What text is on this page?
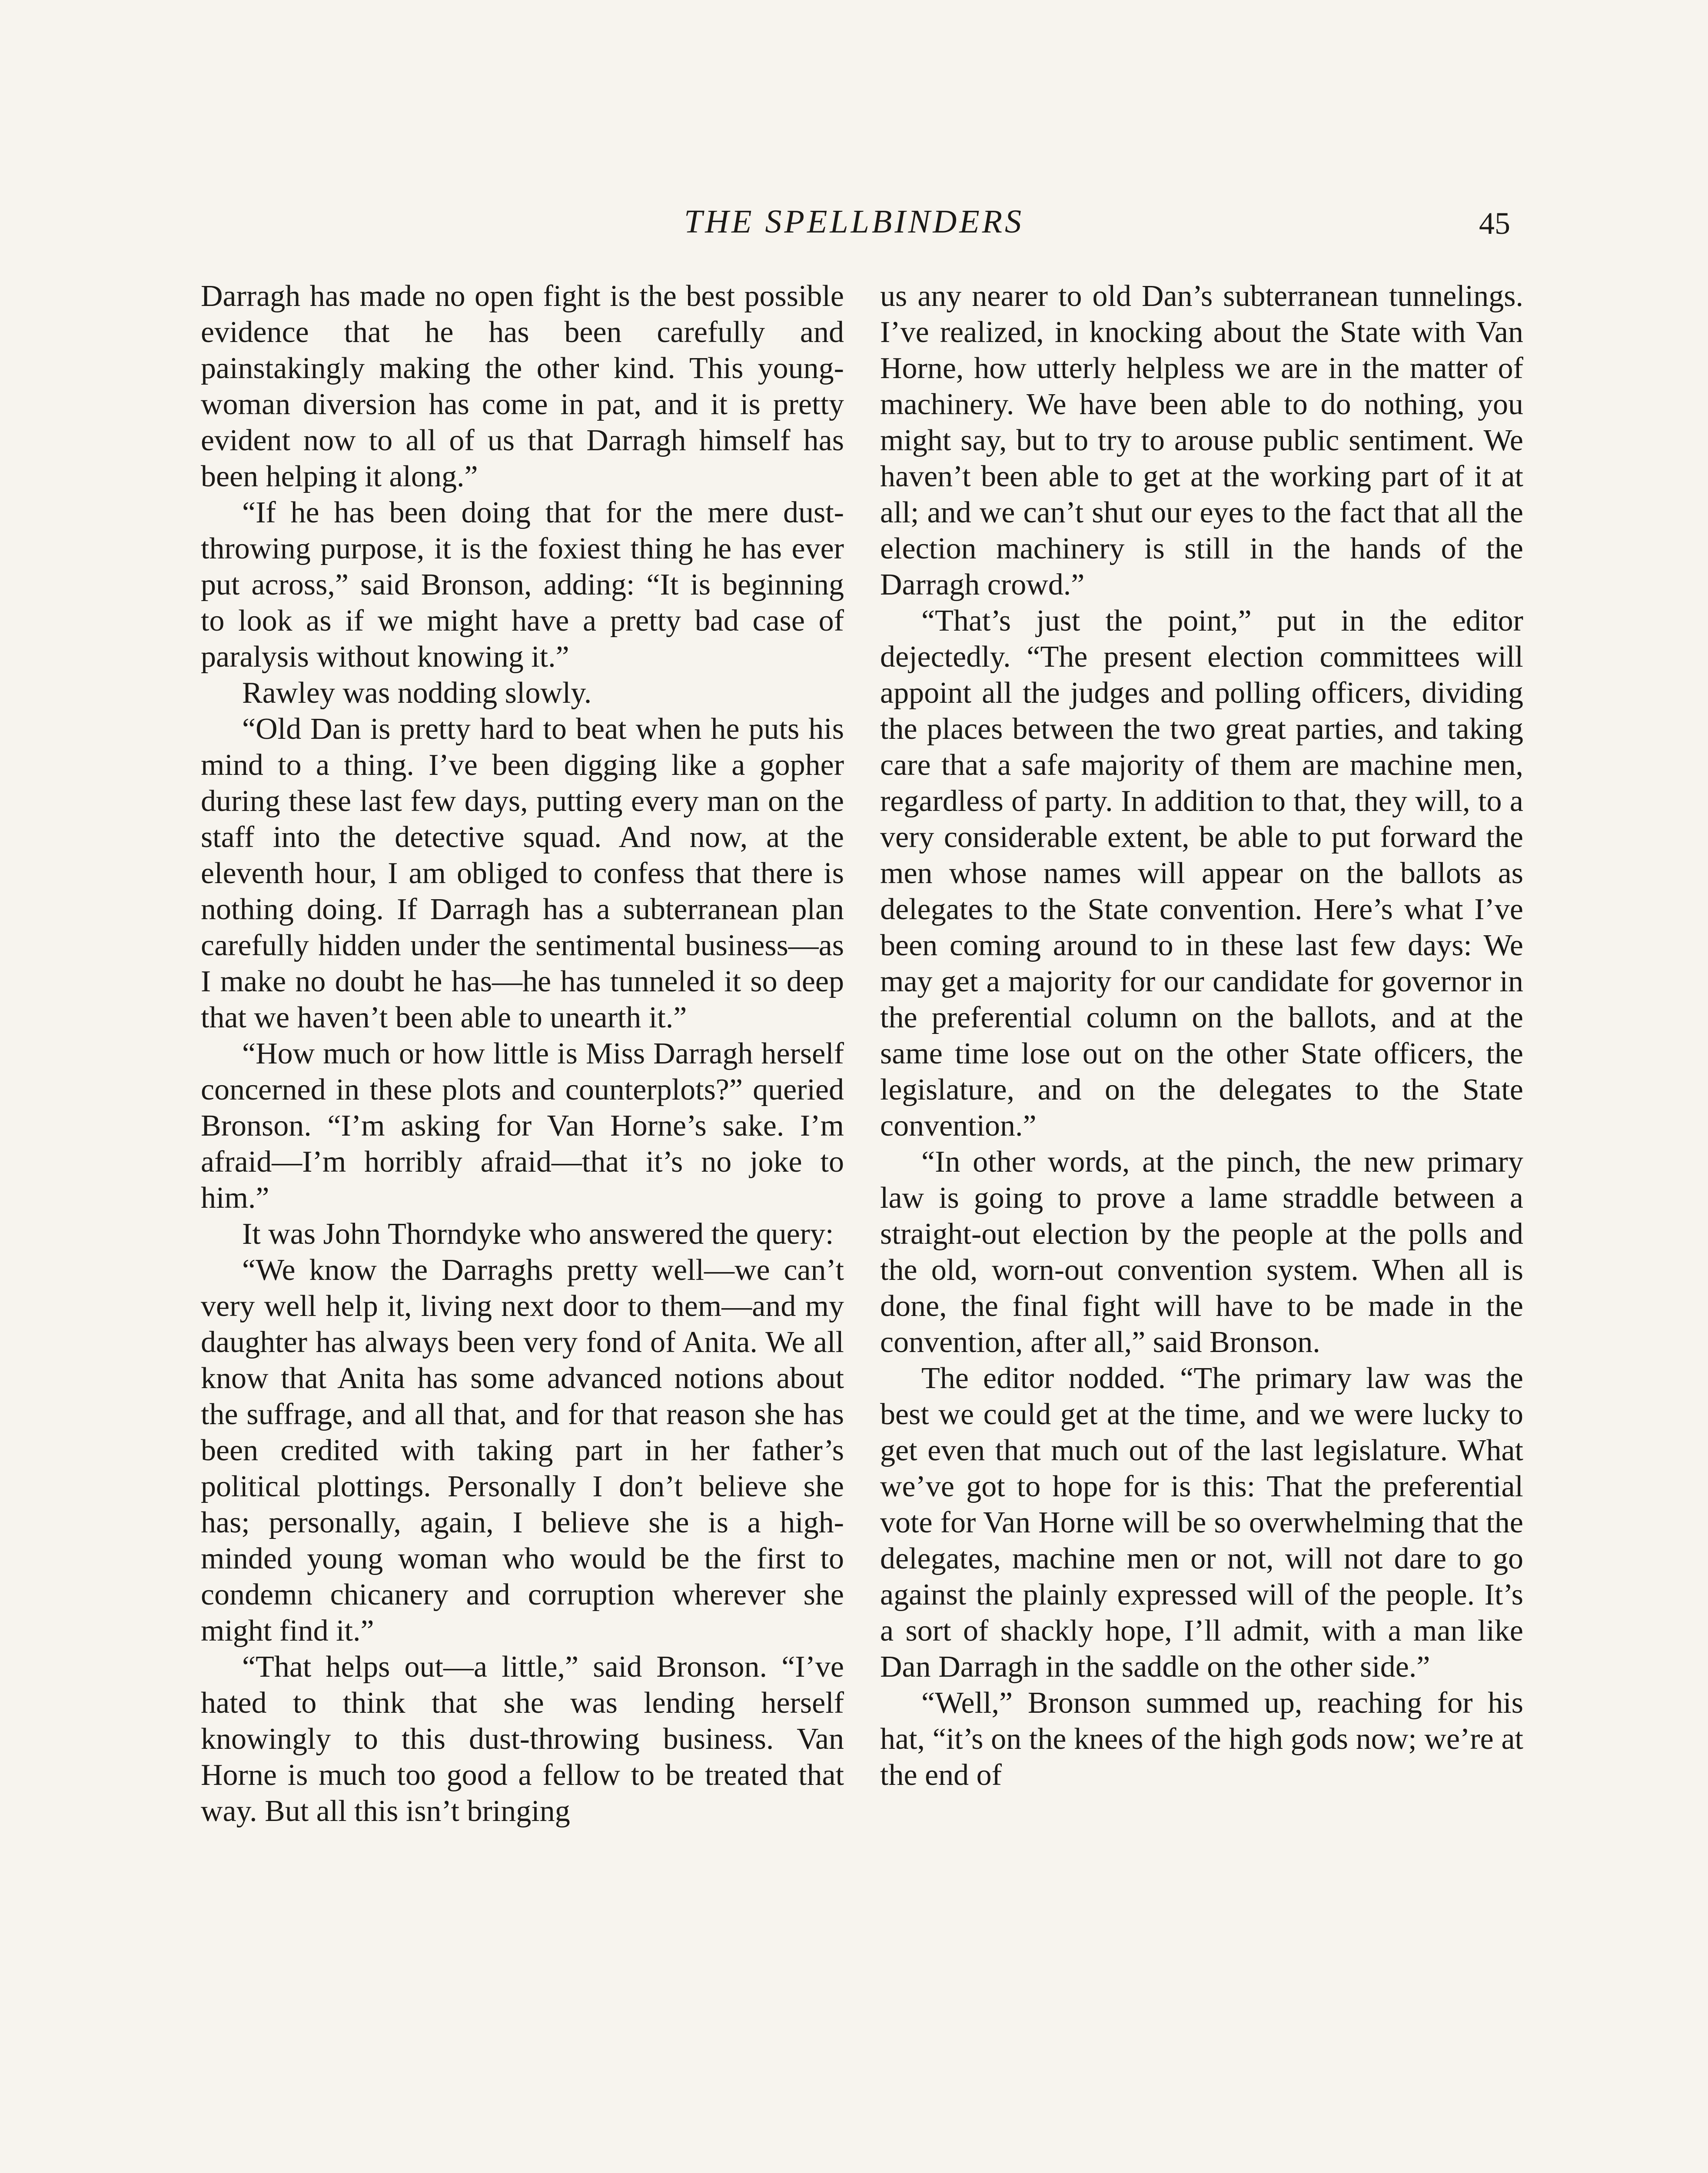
THE SPELLBINDERS	45

Darragh has made no open fight is the best possible evidence that he has been carefully and painstakingly making the other kind. This young-woman diversion has come in pat, and it is pretty evident now to all of us that Darragh himself has been helping it along.”

“If he has been doing that for the mere dust-throwing purpose, it is the foxiest thing he has ever put across,” said Bronson, adding: “It is beginning to look as if we might have a pretty bad case of paralysis without knowing it.”

Rawley was nodding slowly.

“Old Dan is pretty hard to beat when he puts his mind to a thing. I’ve been digging like a gopher during these last few days, putting every man on the staff into the detective squad. And now, at the eleventh hour, I am obliged to confess that there is nothing doing. If Darragh has a subterranean plan carefully hidden under the sentimental business—as I make no doubt he has—he has tunneled it so deep that we haven’t been able to unearth it.”

“How much or how little is Miss Darragh herself concerned in these plots and counterplots?” queried Bronson. “I’m asking for Van Horne’s sake. I’m afraid—I’m horribly afraid—that it’s no joke to him.”

It was John Thorndyke who answered the query:

“We know the Darraghs pretty well—we can’t very well help it, living next door to them—and my daughter has always been very fond of Anita. We all know that Anita has some advanced notions about the suffrage, and all that, and for that reason she has been credited with taking part in her father’s political plottings. Personally I don’t believe she has; personally, again, I believe she is a high-minded young woman who would be the first to condemn chicanery and corruption wherever she might find it.”

“That helps out—a little,” said Bronson. “I’ve hated to think that she was lending herself knowingly to this dust-throwing business. Van Horne is much too good a fellow to be treated that way. But all this isn’t bringing

us any nearer to old Dan’s subterranean tunnelings. I’ve realized, in knocking about the State with Van Horne, how utterly helpless we are in the matter of machinery. We have been able to do nothing, you might say, but to try to arouse public sentiment. We haven’t been able to get at the working part of it at all; and we can’t shut our eyes to the fact that all the election machinery is still in the hands of the Darragh crowd.”

“That’s just the point,” put in the editor dejectedly. “The present election committees will appoint all the judges and polling officers, dividing the places between the two great parties, and taking care that a safe majority of them are machine men, regardless of party. In addition to that, they will, to a very considerable extent, be able to put forward the men whose names will appear on the ballots as delegates to the State convention. Here’s what I’ve been coming around to in these last few days: We may get a majority for our candidate for governor in the preferential column on the ballots, and at the same time lose out on the other State officers, the legislature, and on the delegates to the State convention.”

“In other words, at the pinch, the new primary law is going to prove a lame straddle between a straight-out election by the people at the polls and the old, worn-out convention system. When all is done, the final fight will have to be made in the convention, after all,” said Bronson.

The editor nodded. “The primary law was the best we could get at the time, and we were lucky to get even that much out of the last legislature. What we’ve got to hope for is this: That the preferential vote for Van Horne will be so overwhelming that the delegates, machine men or not, will not dare to go against the plainly expressed will of the people. It’s a sort of shackly hope, I’ll admit, with a man like Dan Darragh in the saddle on the other side.”

“Well,” Bronson summed up, reaching for his hat, “it’s on the knees of the high gods now; we’re at the end of
